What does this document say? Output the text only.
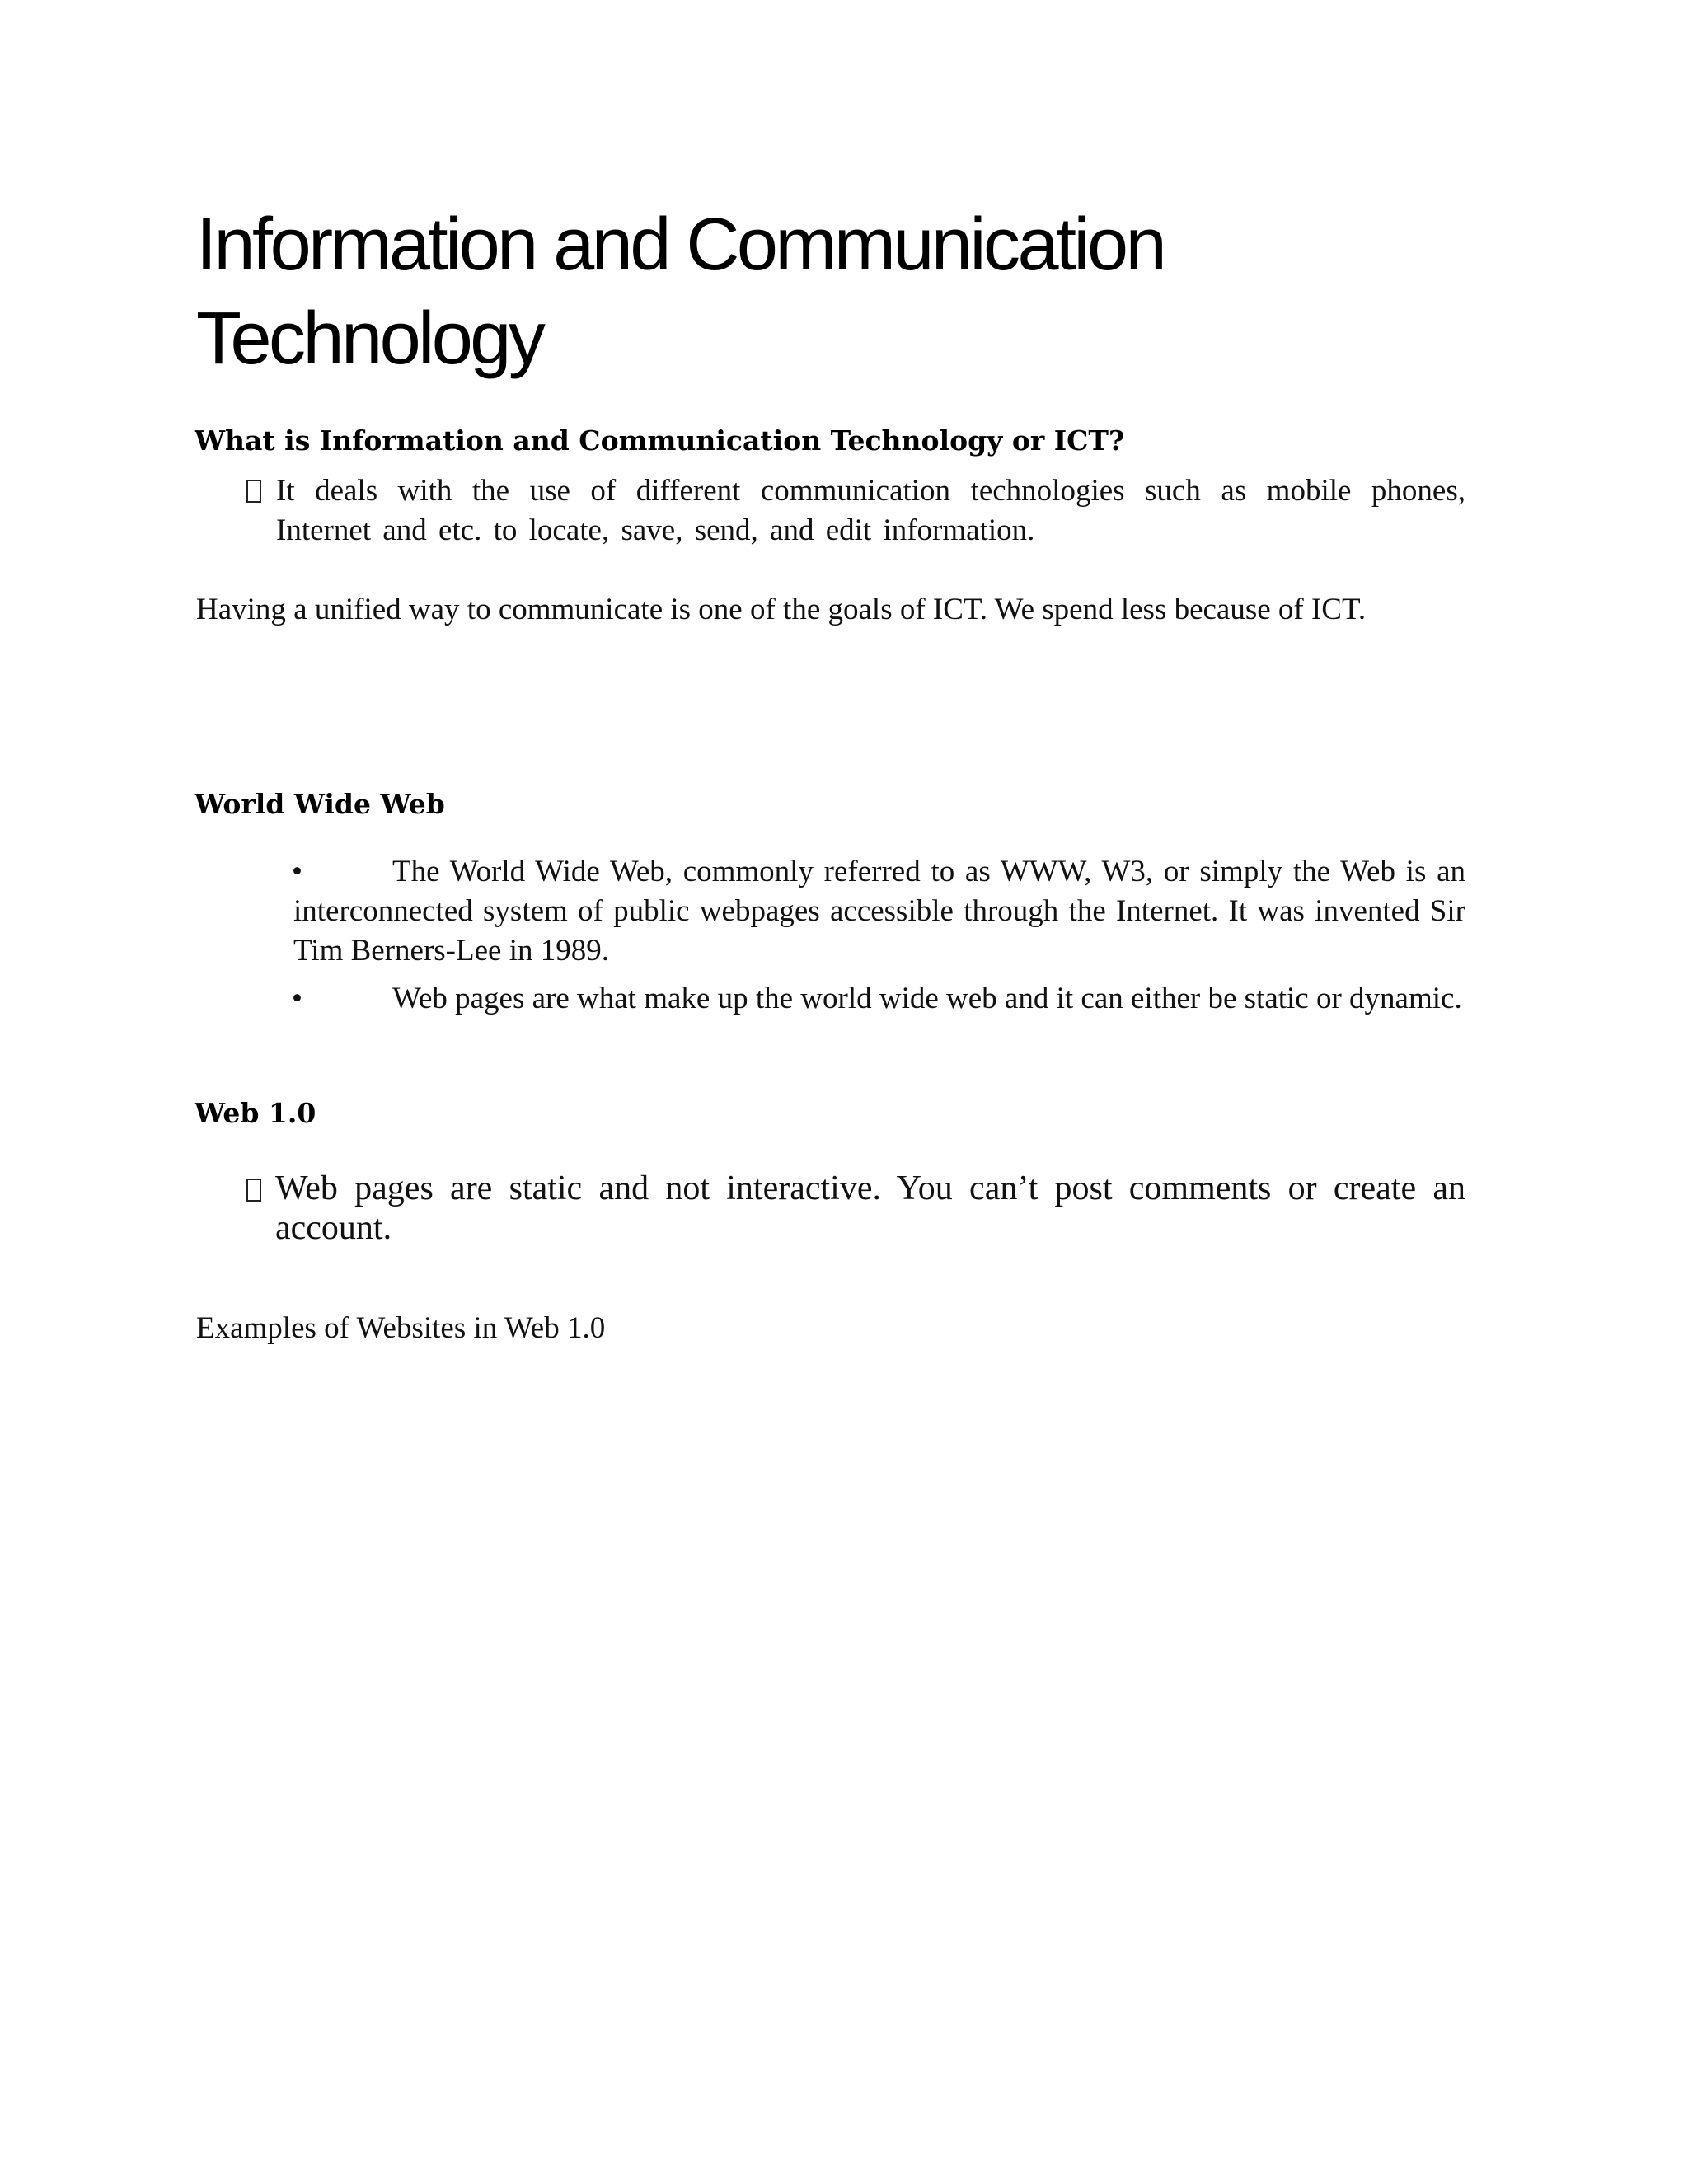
Information and Communication Technology
What is Information and Communication Technology or ICT?

It deals with the use of different communication technologies such as mobile phones, Internet and etc. to locate, save, send, and edit information.

Having a unified way to communicate is one of the goals of ICT. We spend less because of ICT.

World Wide Web
•	The World Wide Web, commonly referred to as WWW, W3, or simply the Web is an interconnected system of public webpages accessible through the Internet. It was invented Sir Tim Berners-Lee in 1989.

•	Web pages are what make up the world wide web and it can either be static or dynamic.

Web 1.0

Web pages are static and not interactive. You can’t post comments or create an account.

Examples of Websites in Web 1.0
